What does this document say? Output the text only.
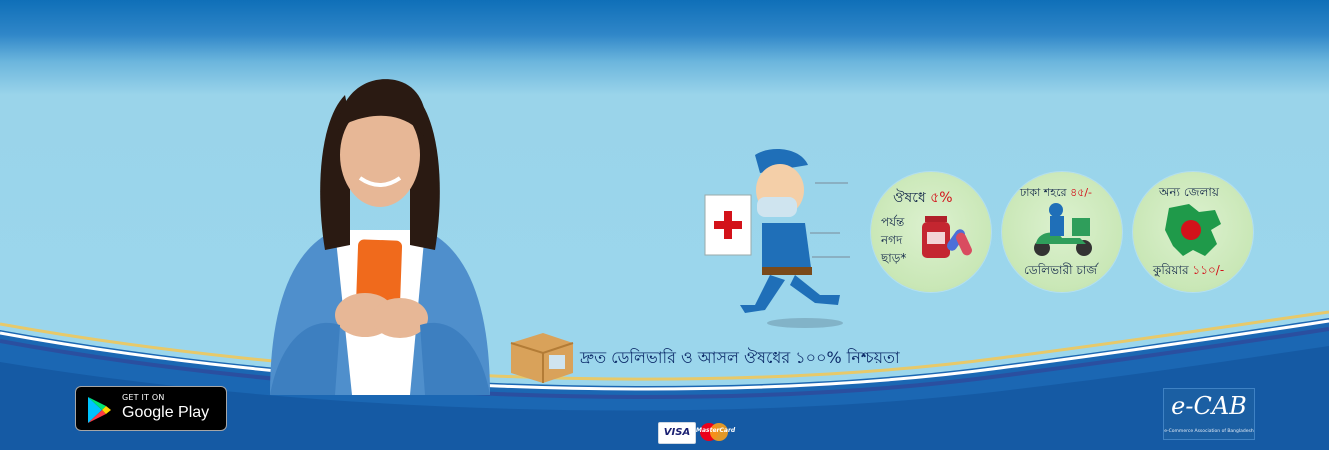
ঔষধে ৫%
পর্যন্ত
নগদ
ছাড়*
ঢাকা শহরে ৪৫/-
ডেলিভারী চার্জ
অন্য জেলায়
কুরিয়ার ১১০/-
দ্রুত ডেলিভারি ও আসল ঔষধের ১০০% নিশ্চয়তা
GET IT ON
Google Play
VISA MasterCard
e-CAB
e-Commerce Association of Bangladesh
